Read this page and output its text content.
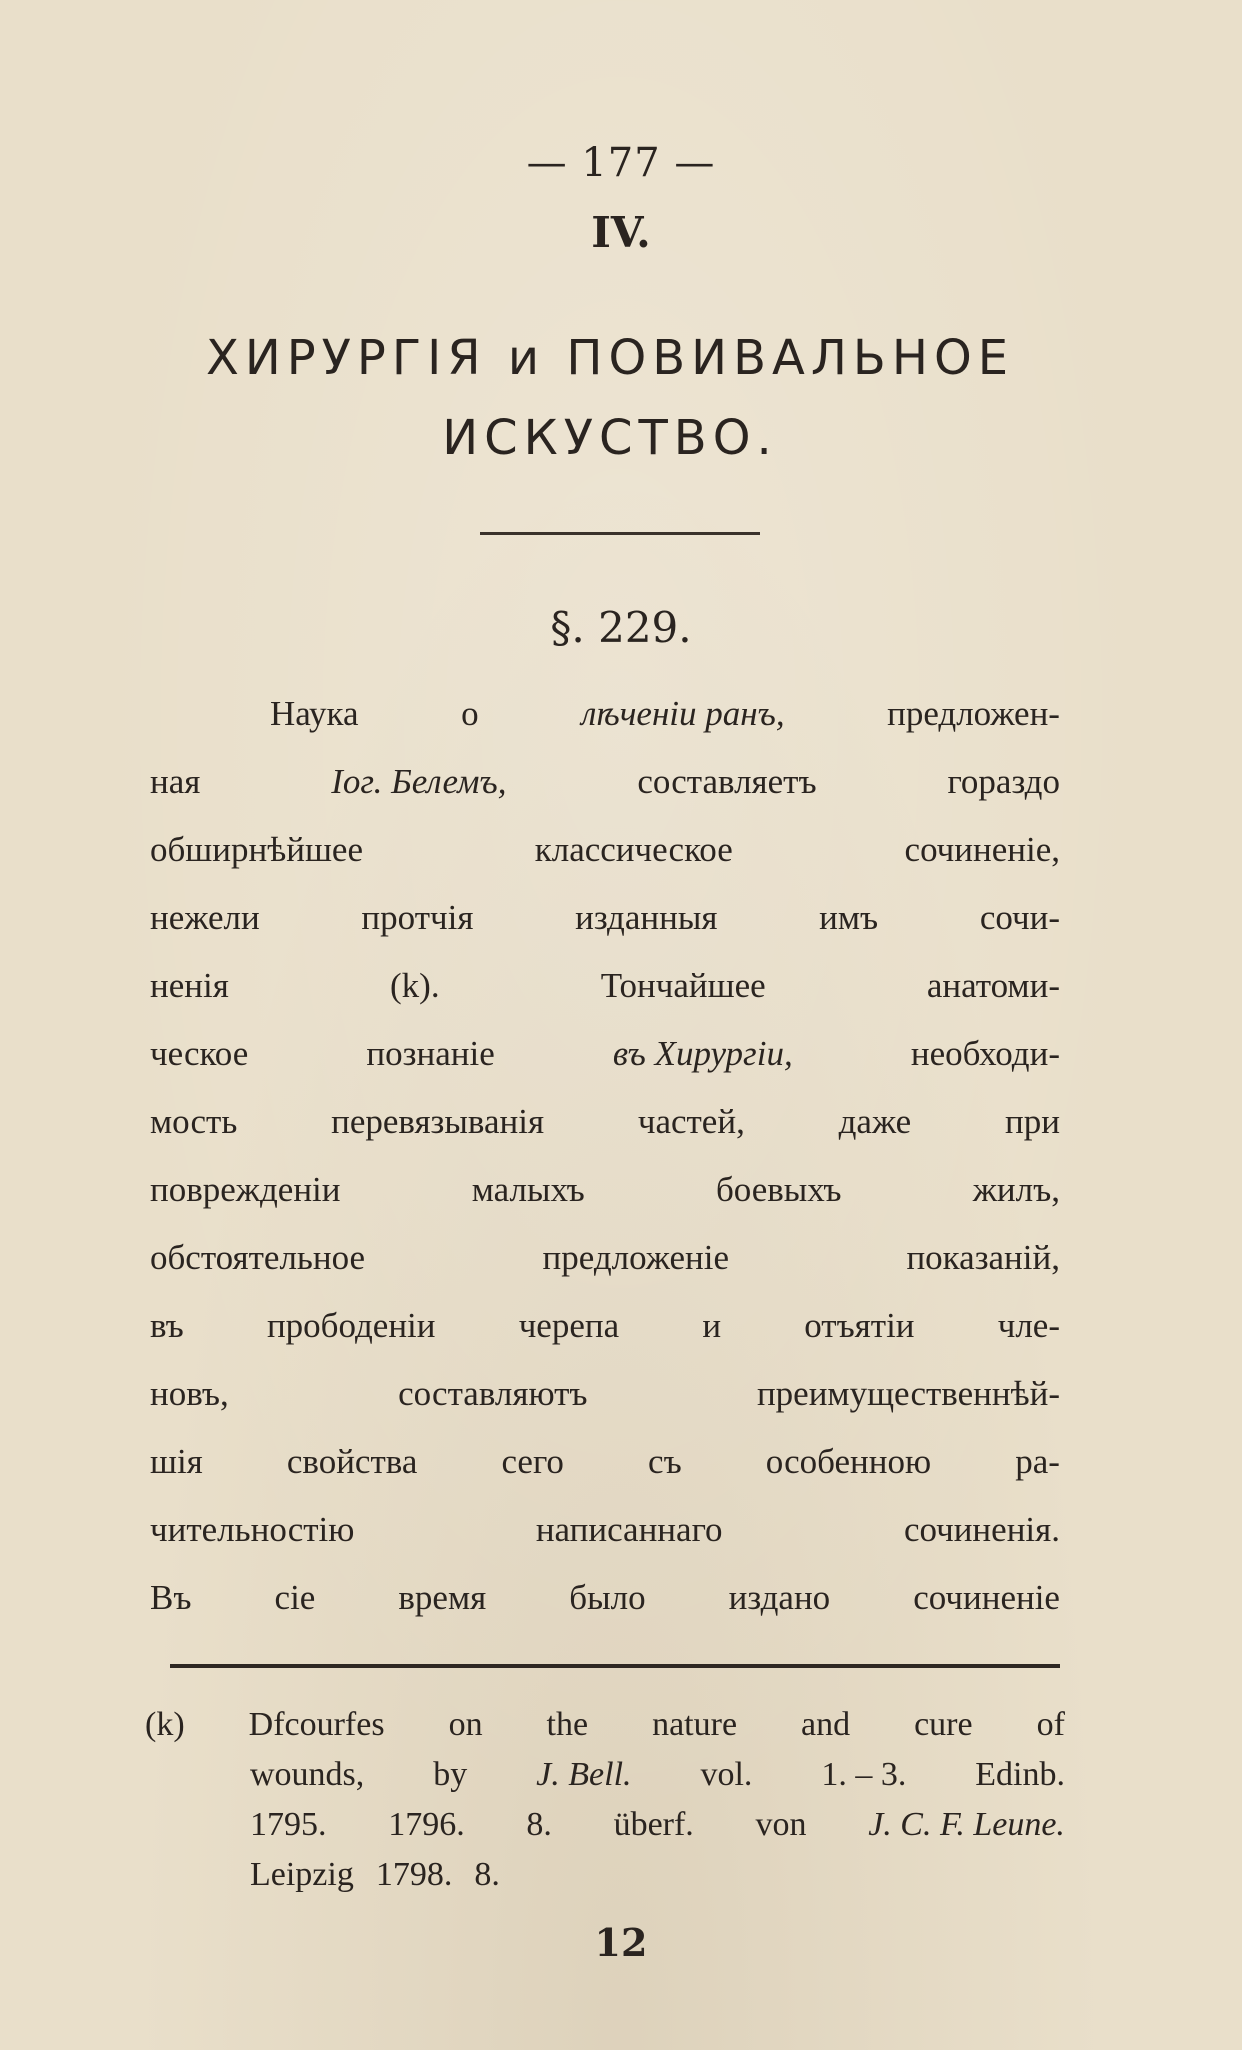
— 177 —
IV.
ХИРУРГІЯ и ПОВИВАЛЬНОЕ
ИСКУСТВО.
§. 229.
Наука	о	лѣченіи ранъ,	предложен-
ная	Іог. Белемъ,	составляетъ	гораздо
обширнѣйшее	классическое	сочиненіе,
нежели	протчія	изданныя	имъ	сочи-
ненія	(k).	Тончайшее	анатоми-
ческое	познаніе	въ Хирургіи,	необходи-
мость	перевязыванія	частей,	даже	при
поврежденіи	малыхъ	боевыхъ	жилъ,
обстоятельное	предложеніе	показаній,
въ прободеніи черепа и отъятіи чле-
новъ,	составляютъ	преимущественнѣй-
шія свойства сего съ особенною ра-
чительностію	написаннаго	сочиненія.
Въ сіе время было издано сочиненіе
(k) Dfcourfes on the nature and cure of
wounds, by J. Bell. vol. 1. – 3. Edinb.
1795. 1796. 8. überf. von J. C. F. Leune.
Leipzig 1798. 8.
12
